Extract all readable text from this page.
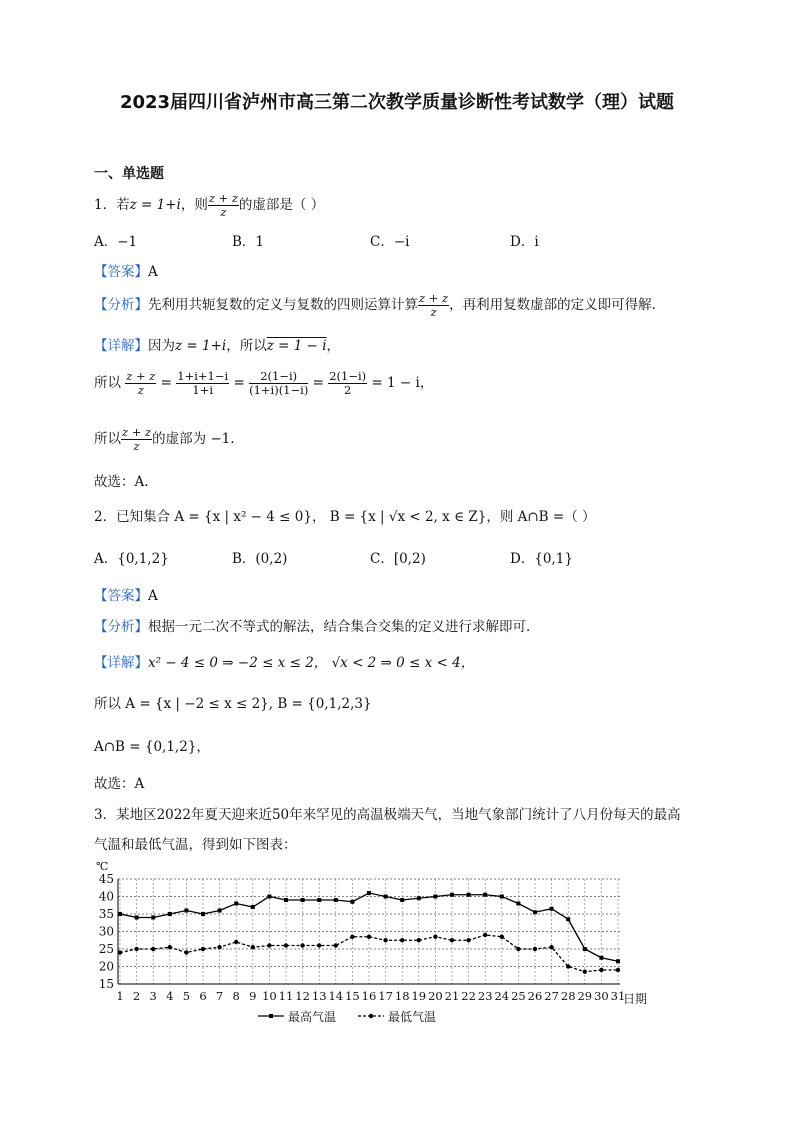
2023届四川省泸州市高三第二次教学质量诊断性考试数学（理）试题
一、单选题
1．若z = 1+i，则 $\frac{z + z}{z}$ 的虚部是（ ）
A．−1	B．1	C．−i	D．i
【答案】A
【分析】先利用共轭复数的定义与复数的四则运算计算 $\frac{z + z}{z}$ ，再利用复数虚部的定义即可得解.
【详解】因为z = 1+i，所以z = 1 − i，
所以 $\frac{z + z}{z} = \frac{1+i+1-i}{1+i} = \frac{2(1-i)}{(1+i)(1-i)} = \frac{2(1-i)}{2} = 1 - i$，
所以 $\frac{z + z}{z}$ 的虚部为 −1.
故选：A.
2．已知集合 A = {x | x² − 4 ≤ 0}， B = {x | √x < 2, x ∈ Z}，则 A∩B =（ ）
A．{0,1,2}	B．(0,2)	C．[0,2)	D．{0,1}
【答案】A
【分析】根据一元二次不等式的解法，结合集合交集的定义进行求解即可.
【详解】x² − 4 ≤ 0 ⇒ −2 ≤ x ≤ 2， √x < 2 ⇒ 0 ≤ x < 4，
所以 A = {x | −2 ≤ x ≤ 2}, B = {0,1,2,3}
A∩B = {0,1,2}，
故选：A
3．某地区2022年夏天迎来近50年来罕见的高温极端天气，当地气象部门统计了八月份每天的最高
气温和最低气温，得到如下图表：
15
20
25
30
35
40
45
1 2 3 4 5 6 7 8 9 10 11 12 13 14 15 16 17 18 19 20 21 22 23 24 25 26 27 28 29 30 31
℃
日期
最高气温	最低气温
